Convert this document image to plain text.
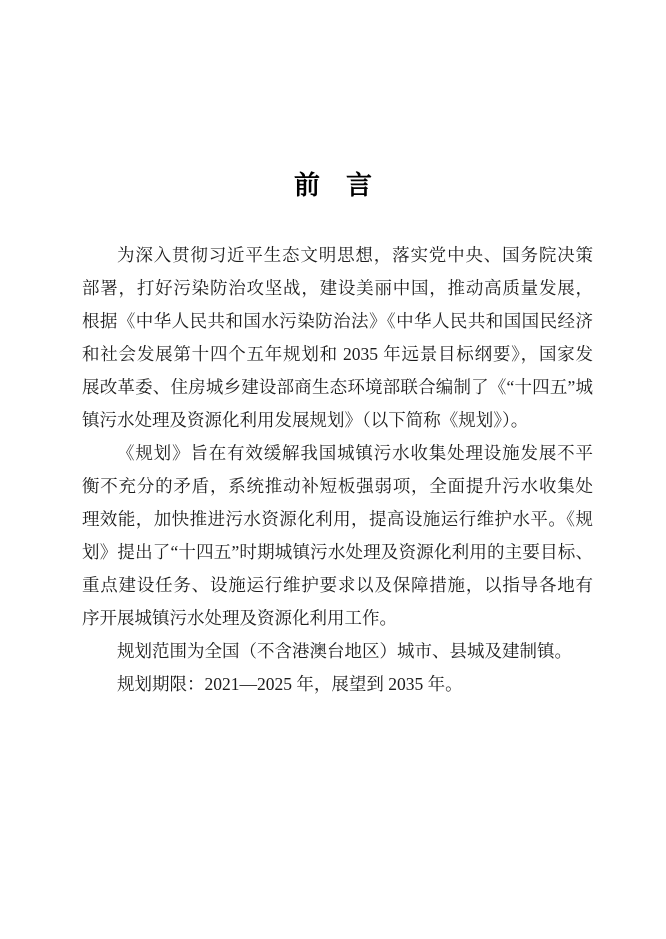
前　言
为深入贯彻习近平生态文明思想，落实党中央、国务院决策
部署，打好污染防治攻坚战，建设美丽中国，推动高质量发展，
根据《中华人民共和国水污染防治法》《中华人民共和国国民经济
和社会发展第十四个五年规划和 2035 年远景目标纲要》，国家发
展改革委、住房城乡建设部商生态环境部联合编制了《“十四五”城
镇污水处理及资源化利用发展规划》（以下简称《规划》）。
《规划》旨在有效缓解我国城镇污水收集处理设施发展不平
衡不充分的矛盾，系统推动补短板强弱项，全面提升污水收集处
理效能，加快推进污水资源化利用，提高设施运行维护水平。《规
划》提出了“十四五”时期城镇污水处理及资源化利用的主要目标、
重点建设任务、设施运行维护要求以及保障措施，以指导各地有
序开展城镇污水处理及资源化利用工作。
规划范围为全国（不含港澳台地区）城市、县城及建制镇。
规划期限：2021—2025 年，展望到 2035 年。
